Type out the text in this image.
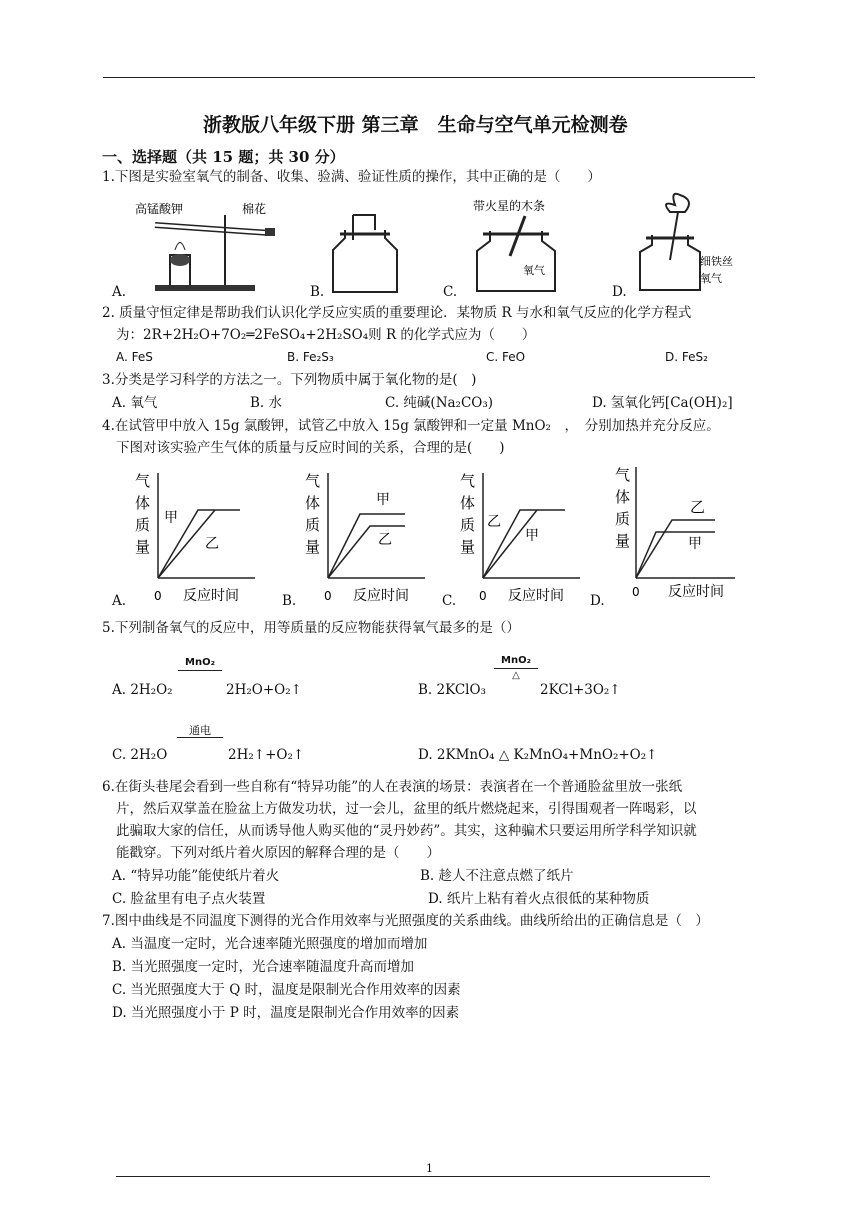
浙教版八年级下册 第三章　生命与空气单元检测卷
一、选择题（共 15 题；共 30 分）
1.下图是实验室氧气的制备、收集、验满、验证性质的操作，其中正确的是（　　）
高锰酸钾	棉花
A.	B.
带火星的木条
氧气
C.
细铁丝
氧气
D.
2. 质量守恒定律是帮助我们认识化学反应实质的重要理论．某物质 R 与水和氧气反应的化学方程式
为：2R+2H₂O+7O₂═2FeSO₄+2H₂SO₄则 R 的化学式应为（　　）
A. FeS	B. Fe₂S₃	C. FeO	D. FeS₂
3.分类是学习科学的方法之一。下列物质中属于氧化物的是(　)
A. 氧气	B. 水	C. 纯碱(Na₂CO₃)	D. 氢氧化钙[Ca(OH)₂]
4.在试管甲中放入 15g 氯酸钾，试管乙中放入 15g 氯酸钾和一定量 MnO₂　，　分别加热并充分反应。
下图对该实验产生气体的质量与反应时间的关系，合理的是(　　)
气
体
质
量
甲
乙
0 反应时间
A.
气
体
质
量
甲
乙
0 反应时间
B.
气
体
质
量
乙
甲
0 反应时间
C.
气
体
质
量
乙
甲
0 反应时间
D.
5.下列制备氧气的反应中，用等质量的反应物能获得氧气最多的是（）
A. 2H₂O₂
MnO₂
2H₂O+O₂↑	B. 2KClO₃
MnO₂
△
2KCl+3O₂↑
C. 2H₂O
通电
2H₂↑+O₂↑	D. 2KMnO₄ △ K₂MnO₄+MnO₂+O₂↑
6.在街头巷尾会看到一些自称有“特异功能”的人在表演的场景：表演者在一个普通脸盆里放一张纸
片，然后双掌盖在脸盆上方做发功状，过一会儿，盆里的纸片燃烧起来，引得围观者一阵喝彩，以
此骗取大家的信任，从而诱导他人购买他的“灵丹妙药”。其实，这种骗术只要运用所学科学知识就
能戳穿。下列对纸片着火原因的解释合理的是（　　）
A. “特异功能”能使纸片着火	B. 趁人不注意点燃了纸片
C. 脸盆里有电子点火装置	D. 纸片上粘有着火点很低的某种物质
7.图中曲线是不同温度下测得的光合作用效率与光照强度的关系曲线。曲线所给出的正确信息是（　）
A. 当温度一定时，光合速率随光照强度的增加而增加
B. 当光照强度一定时，光合速率随温度升高而增加
C. 当光照强度大于 Q 时，温度是限制光合作用效率的因素
D. 当光照强度小于 P 时，温度是限制光合作用效率的因素
1
